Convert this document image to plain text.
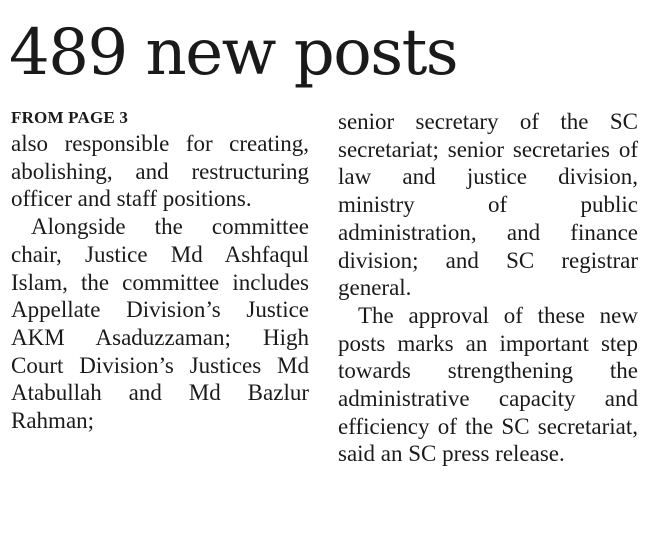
489 new posts
FROM PAGE 3

also responsible for creating, abolishing, and restructuring officer and staff positions.

Alongside the committee chair, Justice Md Ashfaqul Islam, the committee includes Appellate Division’s Justice AKM Asaduzzaman; High Court Division’s Justices Md Atabullah and Md Bazlur Rahman;

senior secretary of the SC secretariat; senior secretaries of law and justice division, ministry of public administration, and finance division; and SC registrar general.

The approval of these new posts marks an important step towards strengthening the administrative capacity and efficiency of the SC secretariat, said an SC press release.
